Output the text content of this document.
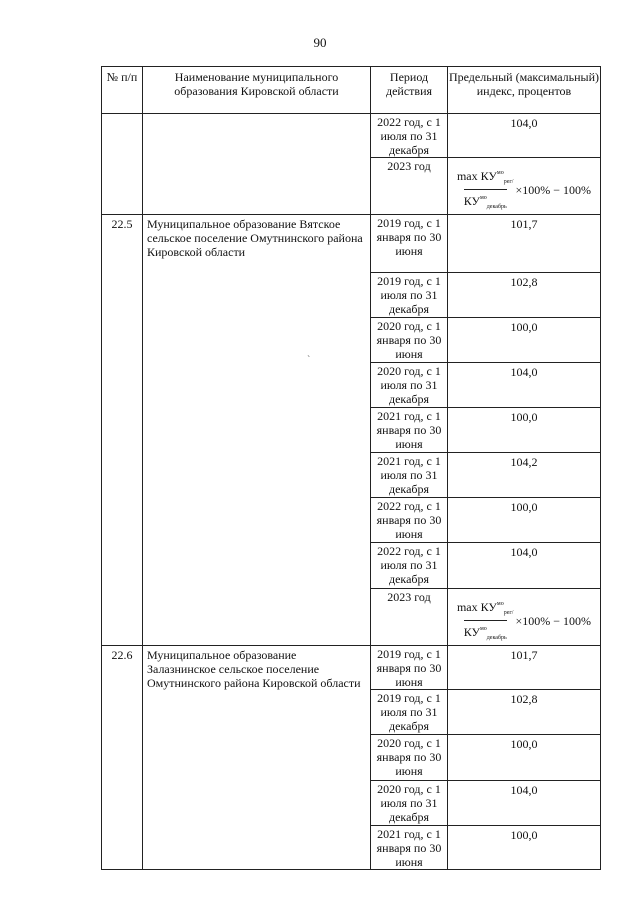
90
№ п/п	Наименование муниципального образования Кировской области	Период действия	Предельный (максимальный) индекс, процентов
		2022 год, с 1 июля по 31 декабря	104,0

		2023 год	$\frac{\max КУ^{мо}_{рег/}}{КУ^{мо}_{декабрь}} \times 100\% - 100\%$

22.5	Муниципальное образование Вятское сельское поселение Омутнинского района Кировской области	2019 год, с 1 января по 30 июня	101,7

		2019 год, с 1 июля по 31 декабря	102,8

		2020 год, с 1 января по 30 июня	100,0

		2020 год, с 1 июля по 31 декабря	104,0

		2021 год, с 1 января по 30 июня	100,0

		2021 год, с 1 июля по 31 декабря	104,2

		2022 год, с 1 января по 30 июня	100,0

		2022 год, с 1 июля по 31 декабря	104,0

		2023 год	$\frac{\max КУ^{мо}_{рег/}}{КУ^{мо}_{декабрь}} \times 100\% - 100\%$

22.6	Муниципальное образование Залазнинское сельское поселение Омутнинского района Кировской области	2019 год, с 1 января по 30 июня	101,7

		2019 год, с 1 июля по 31 декабря	102,8

		2020 год, с 1 января по 30 июня	100,0

		2020 год, с 1 июля по 31 декабря	104,0

		2021 год, с 1 января по 30 июня	100,0
ˋ
